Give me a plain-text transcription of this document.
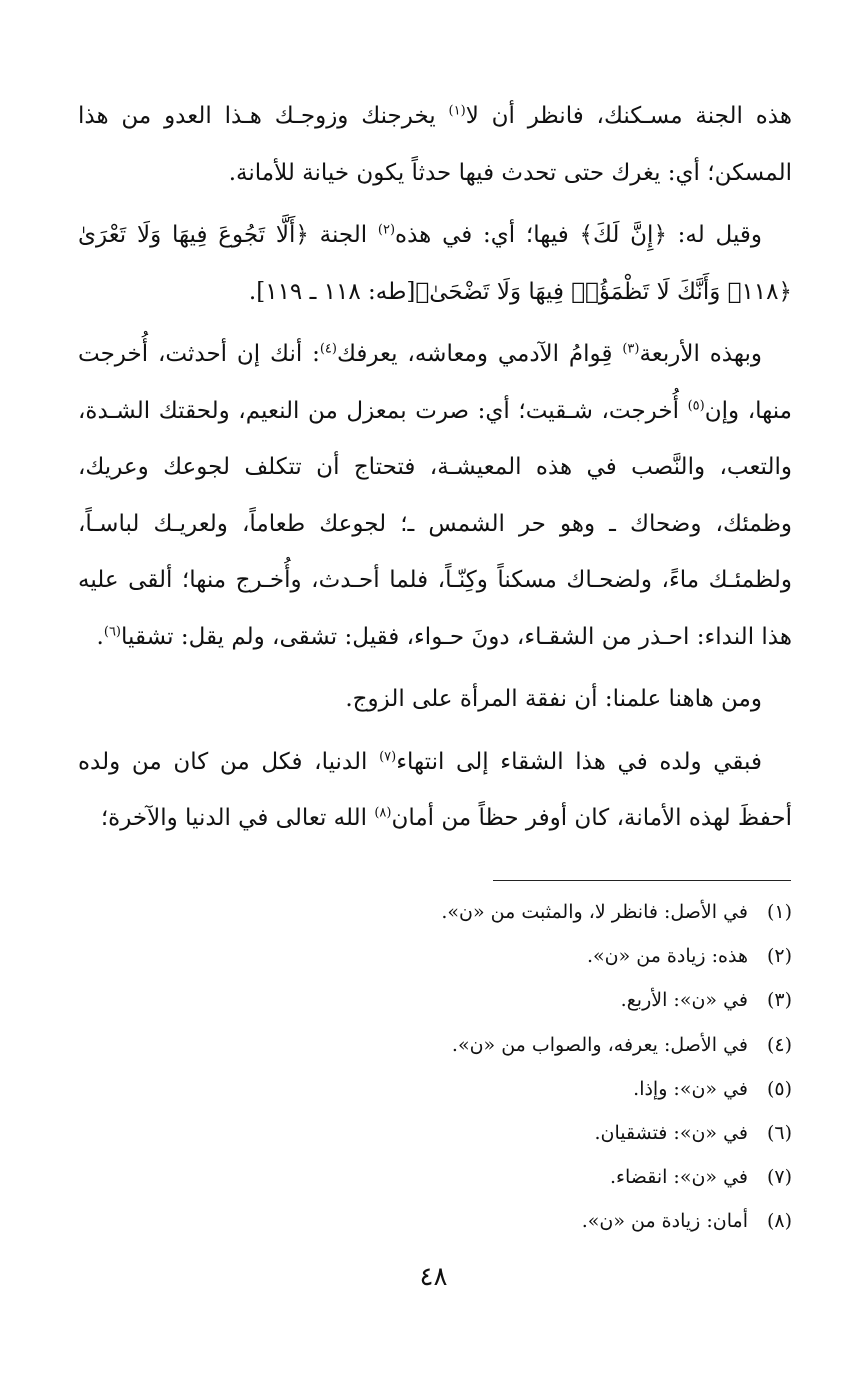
هذه الجنة مسـكنك، فانظر أن لا$^{(١)}$ يخرجنك وزوجـك هـذا العدو من هذا المسكن؛ أي: يغرك حتى تحدث فيها حدثاً يكون خيانة للأمانة.

وقيل له: ﴿إِنَّ لَكَ﴾ فيها؛ أي: في هذه$^{(٢)}$ الجنة ﴿أَلَّا تَجُوعَ فِيهَا وَلَا تَعْرَىٰ ﴿١١٨﴾ وَأَنَّكَ لَا تَظْمَؤُا۟ فِيهَا وَلَا تَضْحَىٰ﴾[طه: ١١٨ ـ ١١٩].

وبهذه الأربعة$^{(٣)}$ قِوامُ الآدمي ومعاشه، يعرفك$^{(٤)}$: أنك إن أحدثت، أُخرجت منها، وإن$^{(٥)}$ أُخرجت، شـقيت؛ أي: صرت بمعزل من النعيم، ولحقتك الشـدة، والتعب، والنَّصب في هذه المعيشـة، فتحتاج أن تتكلف لجوعك وعريك، وظمئك، وضحاك ـ وهو حر الشمس ـ؛ لجوعك طعاماً، ولعريـك لباسـاً، ولظمئـك ماءً، ولضحـاك مسكناً وكِنّـاً، فلما أحـدث، وأُخـرج منها؛ ألقى عليه هذا النداء: احـذر من الشقـاء، دونَ حـواء، فقيل: تشقى، ولم يقل: تشقيا$^{(٦)}$.

ومن هاهنا علمنا: أن نفقة المرأة على الزوج.

فبقي ولده في هذا الشقاء إلى انتهاء$^{(٧)}$ الدنيا، فكل من كان من ولده أحفظَ لهذه الأمانة، كان أوفر حظاً من أمان$^{(٨)}$ الله تعالى في الدنيا والآخرة؛

(١)في الأصل: فانظر لا، والمثبت من «ن».
(٢)هذه: زيادة من «ن».
(٣)في «ن»: الأربع.
(٤)في الأصل: يعرفه، والصواب من «ن».
(٥)في «ن»: وإذا.
(٦)في «ن»: فتشقيان.
(٧)في «ن»: انقضاء.
(٨)أمان: زيادة من «ن».
٤٨
